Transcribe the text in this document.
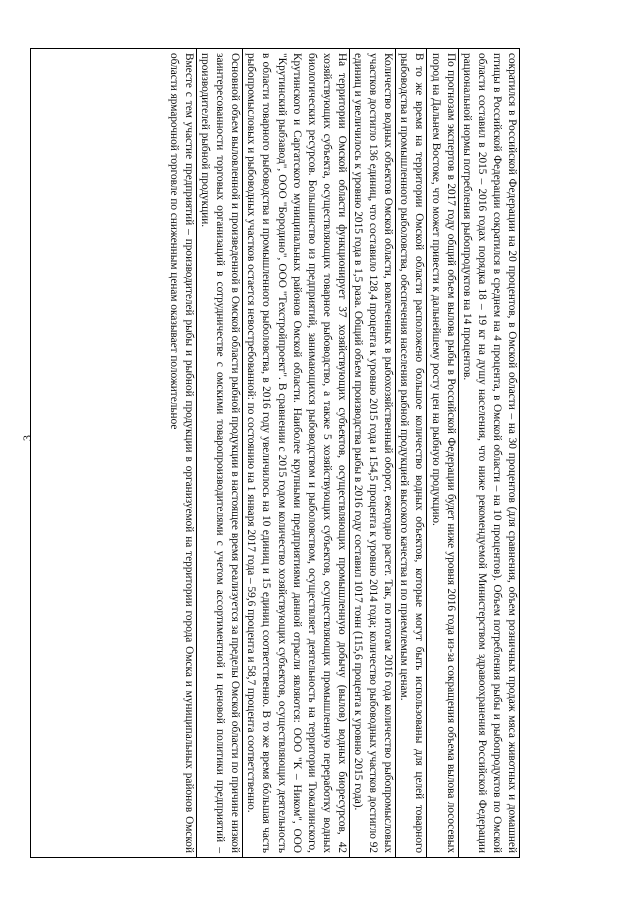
3	сократился в Российской Федерации на 20 процентов, в Омской области – на 30 процентов (для сравнения, объем розничных продаж мяса животных и домашней птицы в Российской Федерации сократился в среднем на 4 процента, в Омской области – на 10 процентов). Объем потребления рыбы и рыбопродуктов по Омской области составил в 2015 – 2016 годах порядка 18 – 19 кг на душу населения, что ниже рекомендуемой Министерством здравоохранения Российской Федерации рациональной нормы потребления рыбопродуктов на 14 процентов.

По прогнозам экспертов в 2017 году общий объем вылова рыбы в Российской Федерации будет ниже уровня 2016 года из-за сокращения объема вылова лососевых пород на Дальнем Востоке, что может привести к дальнейшему росту цен на рыбную продукцию.

В то же время на территории Омской области расположено большое количество водных объектов, которые могут быть использованы для целей товарного рыбоводства и промышленного рыболовства, обеспечения населения рыбной продукцией высокого качества и по приемлемым ценам.

Количество водных объектов Омской области, вовлеченных в рыбохозяйственный оборот, ежегодно растет. Так, по итогам 2016 года количество рыбопромысловых участков достигло 136 единиц, что составило 128,4 процента к уровню 2015 года и 154,5 процента к уровню 2014 года; количество рыбоводных участков достигло 92 единиц и увеличилось к уровню 2015 года в 1,5 раза. Общий объем производства рыбы в 2016 году составил 1017 тонн (115,6 процента к уровню 2015 года).

На территории Омской области функционирует 37 хозяйствующих субъектов, осуществляющих промышленную добычу (вылов) водных биоресурсов, 42 хозяйствующих субъекта, осуществляющих товарное рыбоводство, а также 5 хозяйствующих субъектов, осуществляющих промышленную переработку водных биологических ресурсов. Большинство из предприятий, занимающихся рыбоводством и рыболовством, осуществляет деятельность на территории Тюкалинского, Крутинского и Саргатского муниципальных районов Омской области. Наиболее крупными предприятиями данной отрасли являются: ООО "К – Ником", ООО "Крутинский рыбзавод", ООО "Бородино", ООО "Техстройпроект". В сравнении с 2015 годом количество хозяйствующих субъектов, осуществляющих деятельность в области товарного рыбоводства и промышленного рыболовства, в 2016 году увеличилось на 10 единиц и 15 единиц соответственно. В то же время бóльшая часть рыбопромысловых и рыбоводных участков остается невостребованной: по состоянию на 1 января 2017 года – 59,6 процента и 58,7 процента соответственно.

Основной объем выловленной и произведенной в Омской области рыбной продукции в настоящее время реализуется за пределы Омской области по причине низкой заинтересованности торговых организаций в сотрудничестве с омскими товаропроизводителями с учетом ассортиментной и ценовой политики предприятий – производителей рыбной продукции.

Вместе с тем участие предприятий – производителей рыбы и рыбной продукции в организуемой на территории города Омска и муниципальных районов Омской области ярмарочной торговле по сниженным ценам оказывает положительное
